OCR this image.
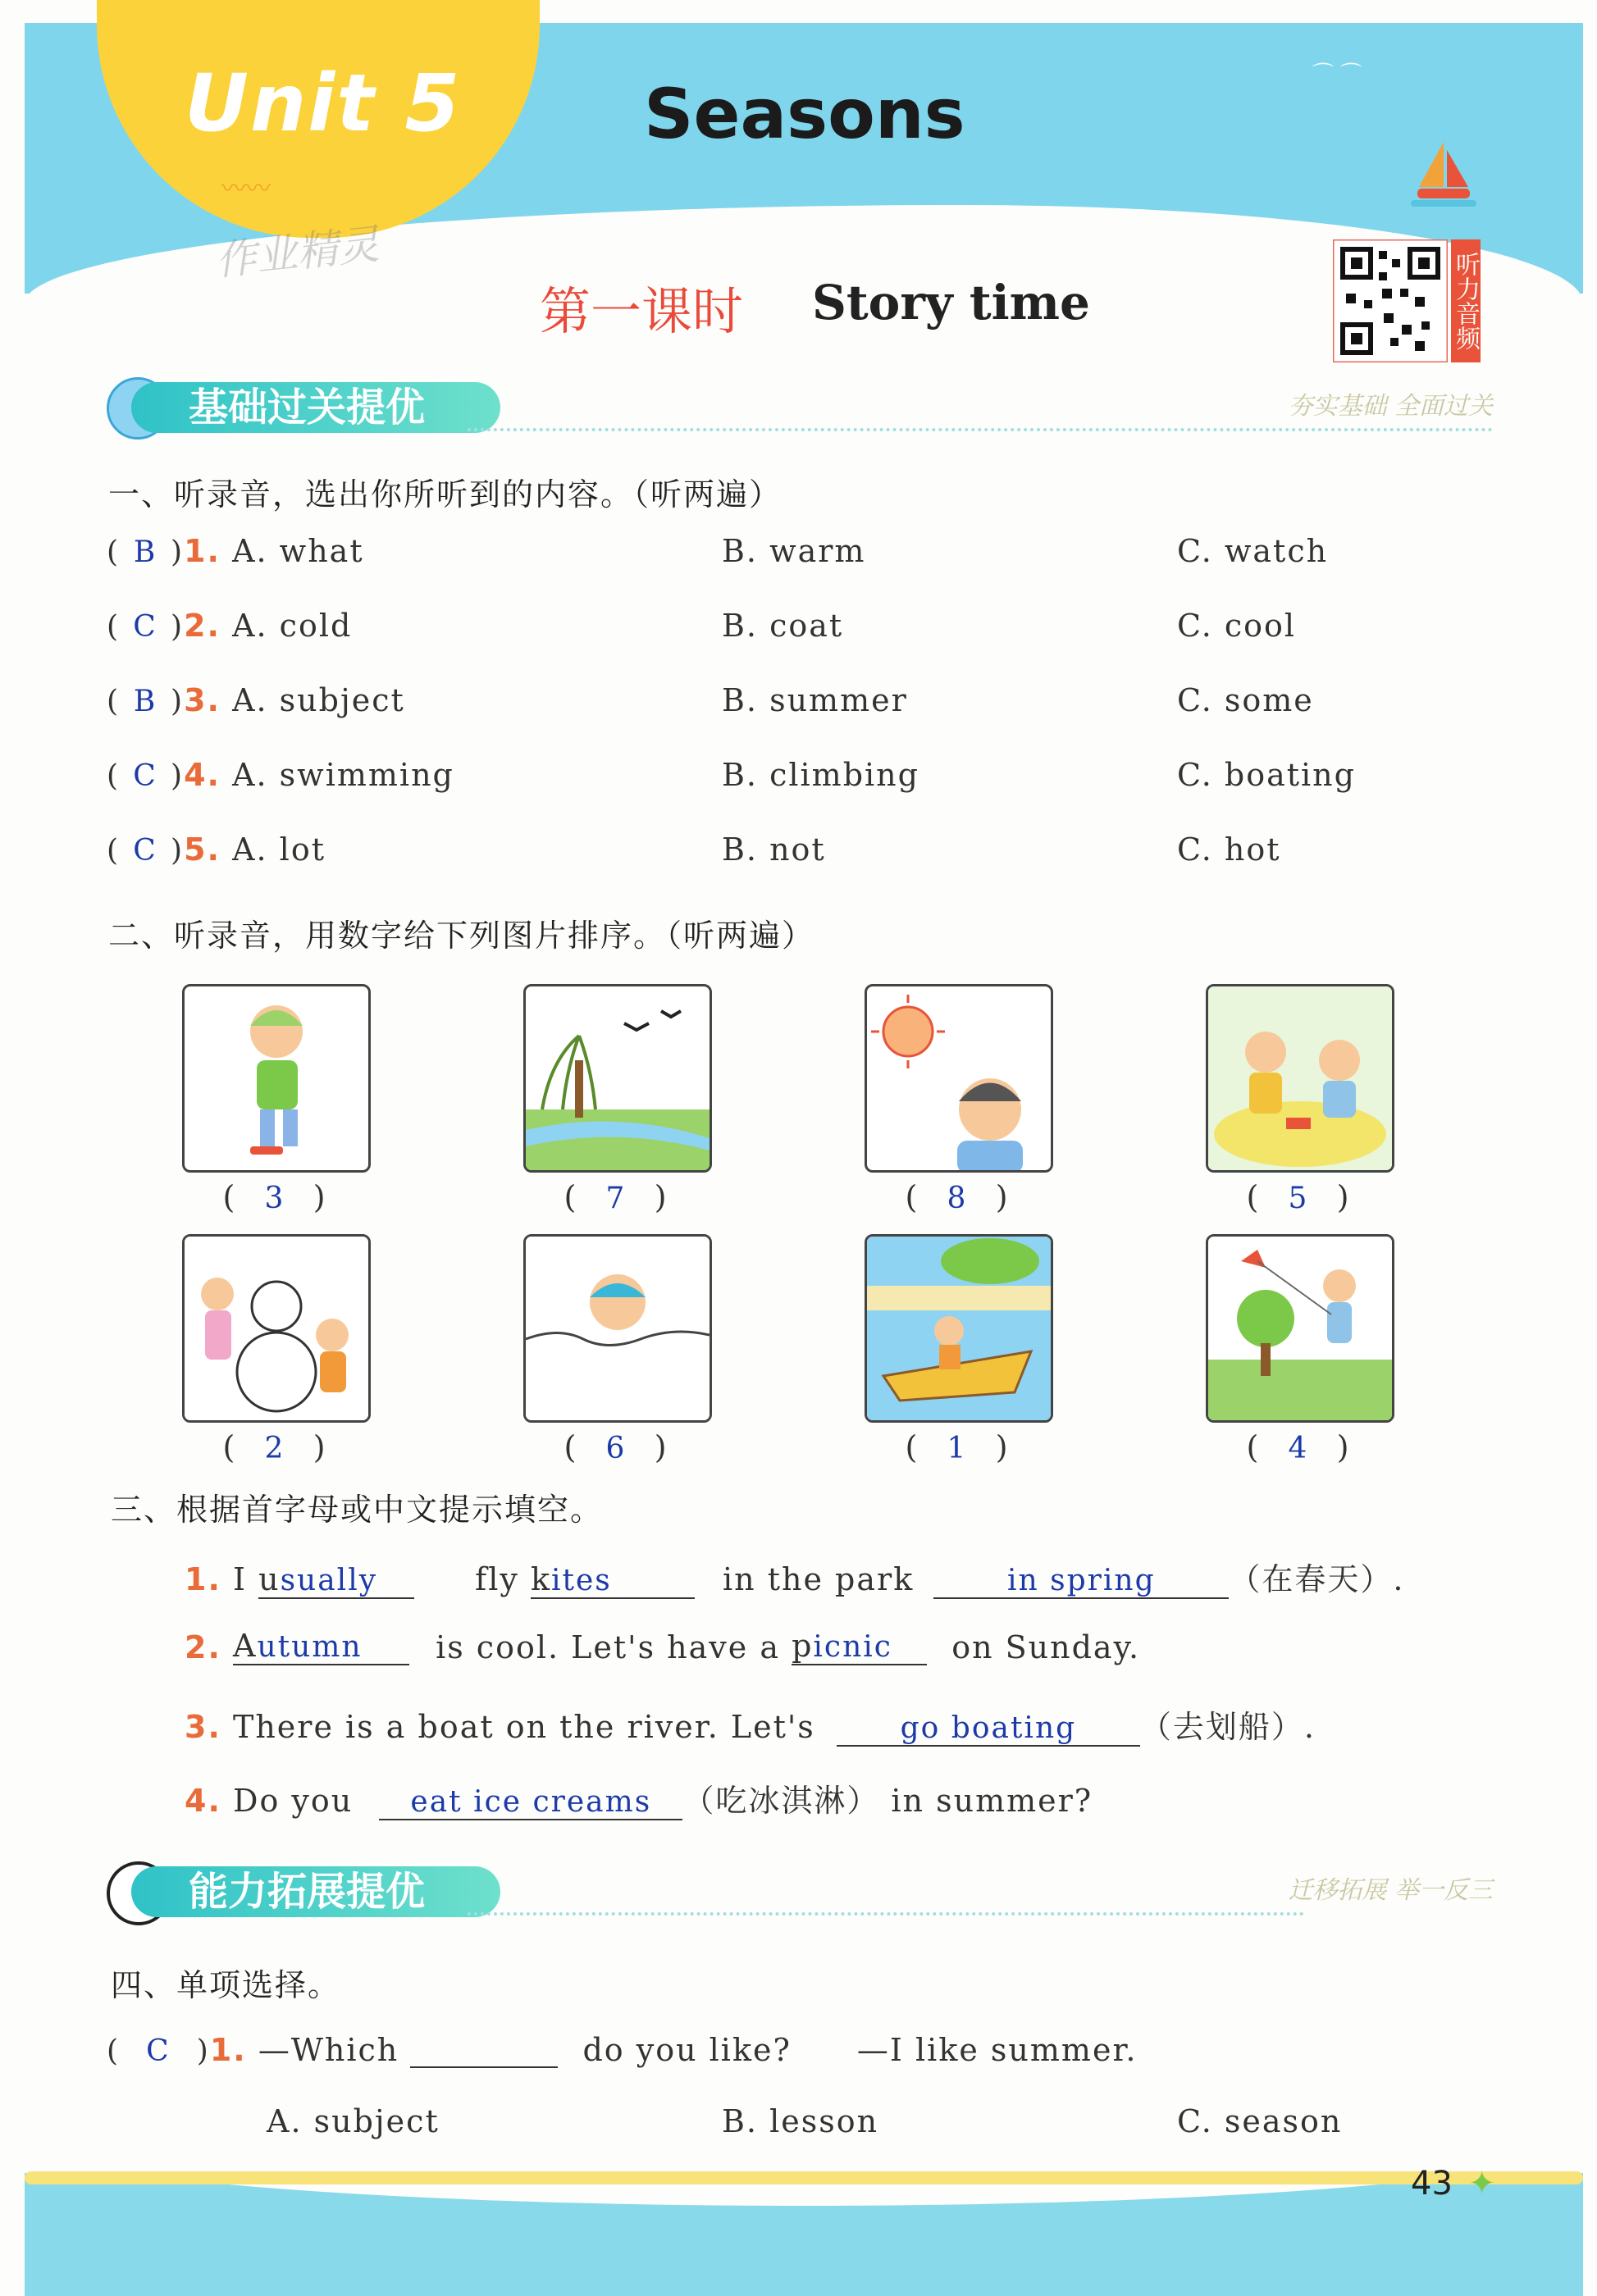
Unit 5
〰〰
Seasons	⌒ ⌒
作业精灵
第一课时 Story time	听力音频
基础过关提优	夯实基础 全面过关
一、听录音，选出你所听到的内容。（听两遍）
( B )1. A. what	B. warm	C. watch
( C )2. A. cold	B. coat	C. cool
( B )3. A. subject	B. summer	C. some
( C )4. A. swimming	B. climbing	C. boating
( C )5. A. lot	B. not	C. hot
二、听录音，用数字给下列图片排序。（听两遍）
(   3   )	(   7   )	(   8   )	(   5   )
(   2   )	(   6   )	(   1   )	(   4   )
三、根据首字母或中文提示填空。
1. I usually	fly kites	in the park	in spring （在春天）.
2. Autumn is cool. Let's have a picnic on Sunday.
3. There is a boat on the river. Let's	go boating （去划船）.
4. Do you eat ice creams （吃冰淇淋） in summer?
能力拓展提优	迁移拓展 举一反三
四、单项选择。
( C )1. —Which	do you like? —I like summer.
A. subject	B. lesson	C. season
43 ✦
